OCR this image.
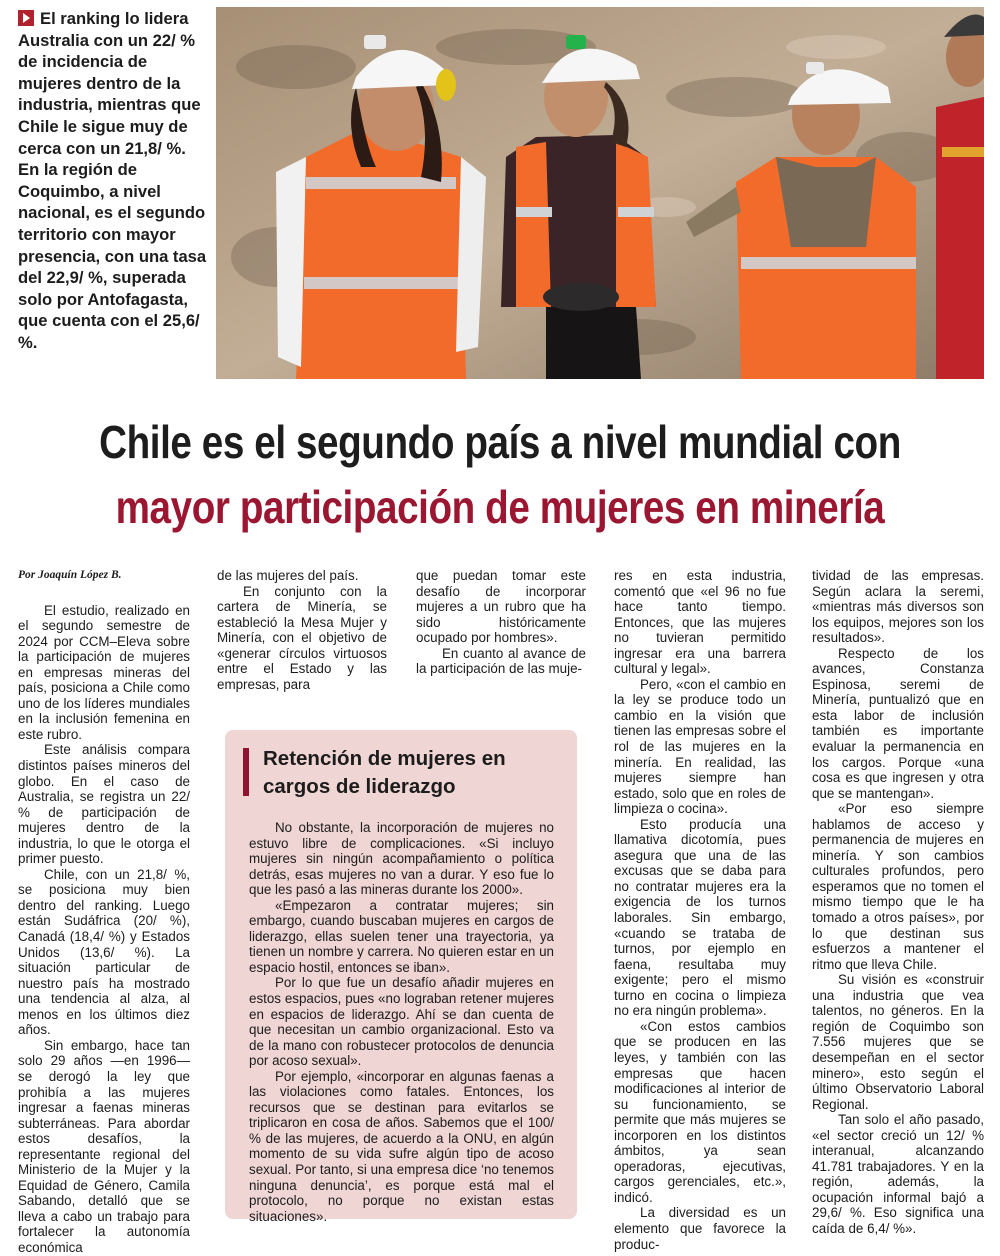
El ranking lo lidera Australia con un 22/ % de incidencia de mujeres dentro de la industria, mientras que Chile le sigue muy de cerca con un 21,8/ %. En la región de Coquimbo, a nivel nacional, es el segundo territorio con mayor presencia, con una tasa del 22,9/ %, superada solo por Antofagasta, que cuenta con el 25,6/ %.
Chile es el segundo país a nivel mundial con
mayor participación de mujeres en minería

Por Joaquín López B.

El estudio, realizado en el segundo semestre de 2024 por CCM–Eleva sobre la participación de mujeres en empresas mineras del país, posiciona a Chile como uno de los líderes mundiales en la inclusión femenina en este rubro.

Este análisis compara distintos países mineros del globo. En el caso de Australia, se registra un 22/ % de participación de mujeres dentro de la industria, lo que le otorga el primer puesto.

Chile, con un 21,8/ %, se posiciona muy bien dentro del ranking. Luego están Sudáfrica (20/ %), Canadá (18,4/ %) y Estados Unidos (13,6/ %). La situación particular de nuestro país ha mostrado una tendencia al alza, al menos en los últimos diez años.

Sin embargo, hace tan solo 29 años —en 1996— se derogó la ley que prohibía a las mujeres ingresar a faenas mineras subterráneas. Para abordar estos desafíos, la representante regional del Ministerio de la Mujer y la Equidad de Género, Camila Sabando, detalló que se lleva a cabo un trabajo para fortalecer la autonomía económica

de las mujeres del país.

En conjunto con la cartera de Minería, se estableció la Mesa Mujer y Minería, con el objetivo de «generar círculos virtuosos entre el Estado y las empresas, para

que puedan tomar este desafío de incorporar mujeres a un rubro que ha sido históricamente ocupado por hombres».

En cuanto al avance de la participación de las muje-

res en esta industria, comentó que «el 96 no fue hace tanto tiempo. Entonces, que las mujeres no tuvieran permitido ingresar era una barrera cultural y legal».

Pero, «con el cambio en la ley se produce todo un cambio en la visión que tienen las empresas sobre el rol de las mujeres en la minería. En realidad, las mujeres siempre han estado, solo que en roles de limpieza o cocina».

Esto producía una llamativa dicotomía, pues asegura que una de las excusas que se daba para no contratar mujeres era la exigencia de los turnos laborales. Sin embargo, «cuando se trataba de turnos, por ejemplo en faena, resultaba muy exigente; pero el mismo turno en cocina o limpieza no era ningún problema».

«Con estos cambios que se producen en las leyes, y también con las empresas que hacen modificaciones al interior de su funcionamiento, se permite que más mujeres se incorporen en los distintos ámbitos, ya sean operadoras, ejecutivas, cargos gerenciales, etc.», indicó.

La diversidad es un elemento que favorece la produc-

tividad de las empresas. Según aclara la seremi, «mientras más diversos son los equipos, mejores son los resultados».

Respecto de los avances, Constanza Espinosa, seremi de Minería, puntualizó que en esta labor de inclusión también es importante evaluar la permanencia en los cargos. Porque «una cosa es que ingresen y otra que se mantengan».

«Por eso siempre hablamos de acceso y permanencia de mujeres en minería. Y son cambios culturales profundos, pero esperamos que no tomen el mismo tiempo que le ha tomado a otros países», por lo que destinan sus esfuerzos a mantener el ritmo que lleva Chile.

Su visión es «construir una industria que vea talentos, no géneros. En la región de Coquimbo son 7.556 mujeres que se desempeñan en el sector minero», esto según el último Observatorio Laboral Regional.

Tan solo el año pasado, «el sector creció un 12/ % interanual, alcanzando 41.781 trabajadores. Y en la región, además, la ocupación informal bajó a 29,6/ %. Eso significa una caída de 6,4/ %».

Retención de mujeres en cargos de liderazgo

No obstante, la incorporación de mujeres no estuvo libre de complicaciones. «Si incluyo mujeres sin ningún acompañamiento o política detrás, esas mujeres no van a durar. Y eso fue lo que les pasó a las mineras durante los 2000».

«Empezaron a contratar mujeres; sin embargo, cuando buscaban mujeres en cargos de liderazgo, ellas suelen tener una trayectoria, ya tienen un nombre y carrera. No quieren estar en un espacio hostil, entonces se iban».

Por lo que fue un desafío añadir mujeres en estos espacios, pues «no lograban retener mujeres en espacios de liderazgo. Ahí se dan cuenta de que necesitan un cambio organizacional. Esto va de la mano con robustecer protocolos de denuncia por acoso sexual».

Por ejemplo, «incorporar en algunas faenas a las violaciones como fatales. Entonces, los recursos que se destinan para evitarlos se triplicaron en cosa de años. Sabemos que el 100/ % de las mujeres, de acuerdo a la ONU, en algún momento de su vida sufre algún tipo de acoso sexual. Por tanto, si una empresa dice ‘no tenemos ninguna denuncia’, es porque está mal el protocolo, no porque no existan estas situaciones».
